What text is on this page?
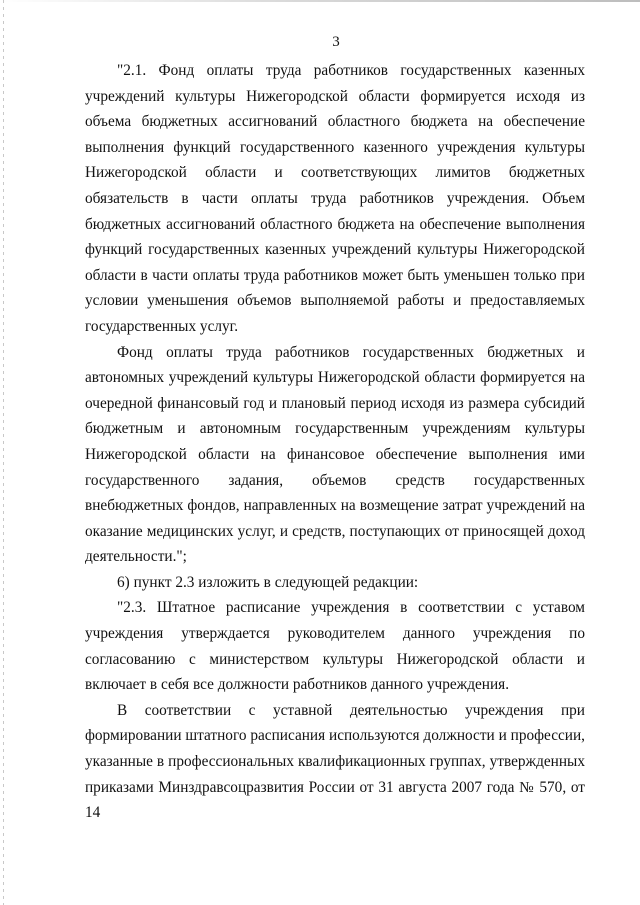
3

"2.1. Фонд оплаты труда работников государственных казенных учреждений культуры Нижегородской области формируется исходя из объема бюджетных ассигнований областного бюджета на обеспечение выполнения функций государственного казенного учреждения культуры Нижегородской области и соответствующих лимитов бюджетных обязательств в части оплаты труда работников учреждения. Объем бюджетных ассигнований областного бюджета на обеспечение выполнения функций государственных казенных учреждений культуры Нижегородской области в части оплаты труда работников может быть уменьшен только при условии уменьшения объемов выполняемой работы и предоставляемых государственных услуг.

Фонд оплаты труда работников государственных бюджетных и автономных учреждений культуры Нижегородской области формируется на очередной финансовый год и плановый период исходя из размера субсидий бюджетным и автономным государственным учреждениям культуры Нижегородской области на финансовое обеспечение выполнения ими государственного задания, объемов средств государственных внебюджетных фондов, направленных на возмещение затрат учреждений на оказание медицинских услуг, и средств, поступающих от приносящей доход деятельности.";

6) пункт 2.3 изложить в следующей редакции:

"2.3. Штатное расписание учреждения в соответствии с уставом учреждения утверждается руководителем данного учреждения по согласованию с министерством культуры Нижегородской области и включает в себя все должности работников данного учреждения.

В соответствии с уставной деятельностью учреждения при формировании штатного расписания используются должности и профессии, указанные в профессиональных квалификационных группах, утвержденных приказами Минздравсоцразвития России от 31 августа 2007 года № 570, от 14
